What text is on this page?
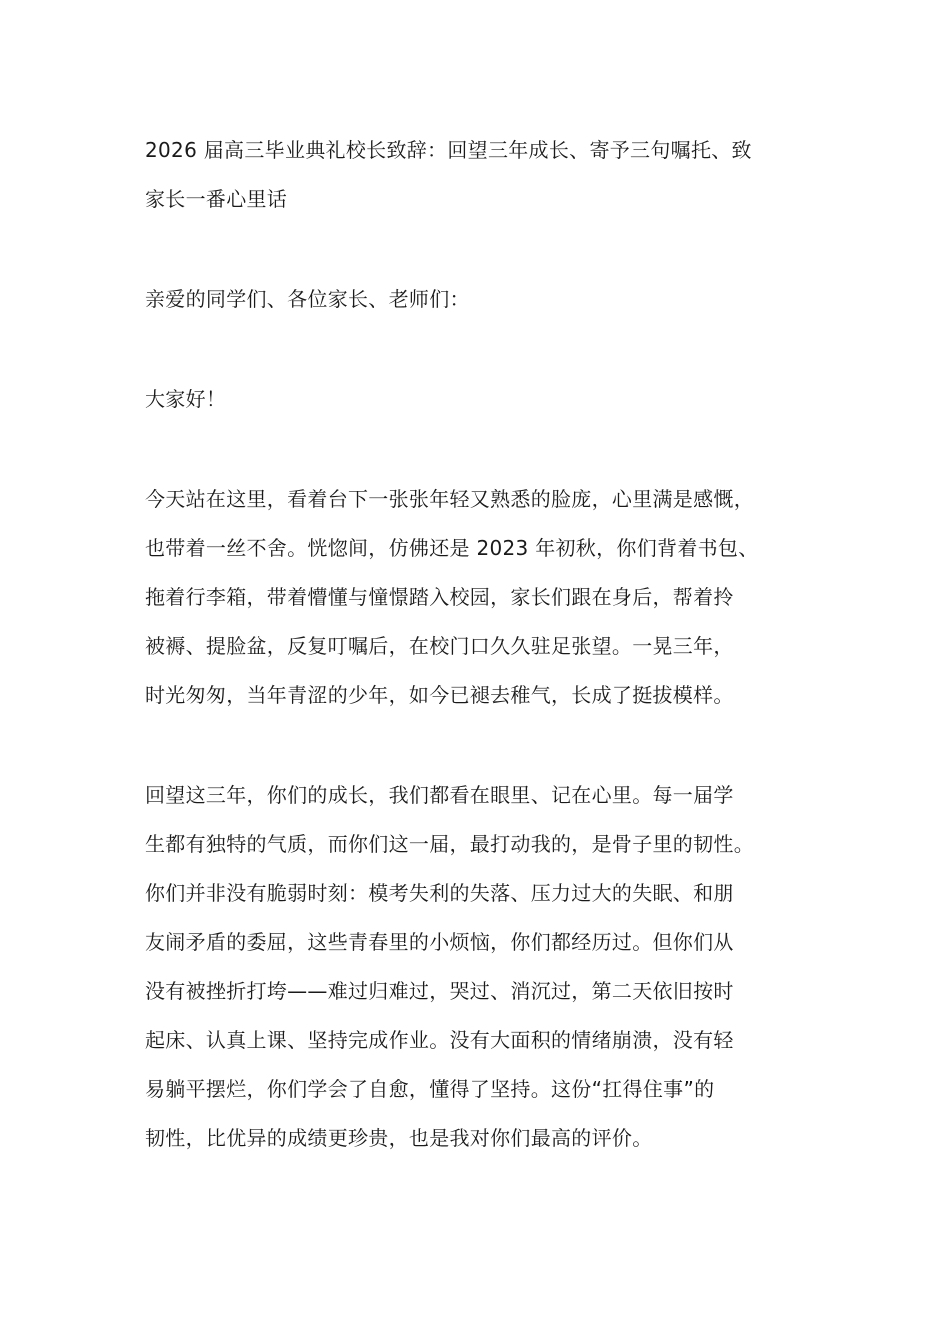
2026 届高三毕业典礼校长致辞：回望三年成长、寄予三句嘱托、致
家长一番心里话
亲爱的同学们、各位家长、老师们：
大家好！
今天站在这里，看着台下一张张年轻又熟悉的脸庞，心里满是感慨，
也带着一丝不舍。恍惚间，仿佛还是 2023 年初秋，你们背着书包、
拖着行李箱，带着懵懂与憧憬踏入校园，家长们跟在身后，帮着拎
被褥、提脸盆，反复叮嘱后，在校门口久久驻足张望。一晃三年，
时光匆匆，当年青涩的少年，如今已褪去稚气，长成了挺拔模样。
回望这三年，你们的成长，我们都看在眼里、记在心里。每一届学
生都有独特的气质，而你们这一届，最打动我的，是骨子里的韧性。
你们并非没有脆弱时刻：模考失利的失落、压力过大的失眠、和朋
友闹矛盾的委屈，这些青春里的小烦恼，你们都经历过。但你们从
没有被挫折打垮——难过归难过，哭过、消沉过，第二天依旧按时
起床、认真上课、坚持完成作业。没有大面积的情绪崩溃，没有轻
易躺平摆烂，你们学会了自愈，懂得了坚持。这份“扛得住事”的
韧性，比优异的成绩更珍贵，也是我对你们最高的评价。
